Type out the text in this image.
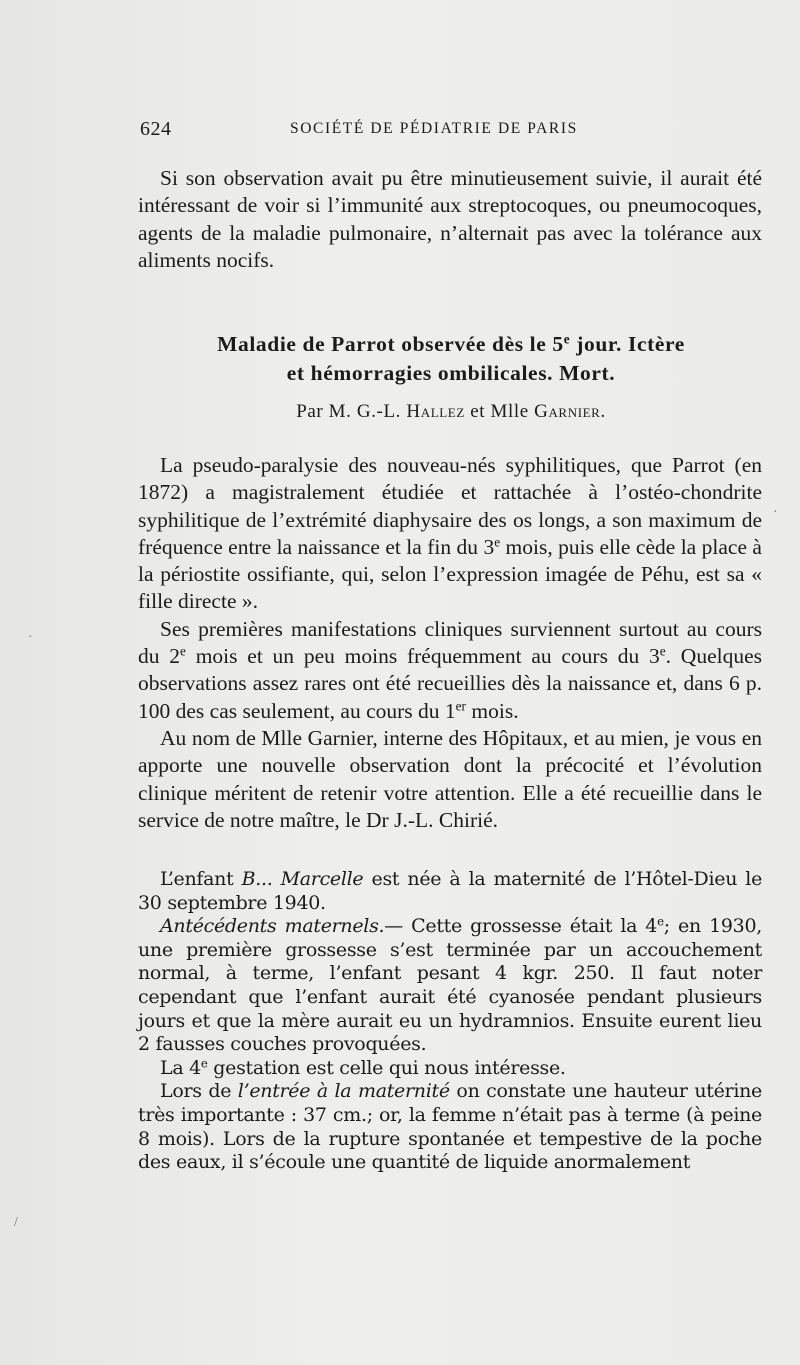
624	SOCIÉTÉ DE PÉDIATRIE DE PARIS

Si son observation avait pu être minutieusement suivie, il aurait été intéressant de voir si l’immunité aux streptocoques, ou pneumocoques, agents de la maladie pulmonaire, n’alternait pas avec la tolérance aux aliments nocifs.

Maladie de Parrot observée dès le 5e jour. Ictère
et hémorragies ombilicales. Mort.
Par M. G.-L. Hallez et Mlle Garnier.

La pseudo-paralysie des nouveau-nés syphilitiques, que Parrot (en 1872) a magistralement étudiée et rattachée à l’ostéo-chondrite syphilitique de l’extrémité diaphysaire des os longs, a son maximum de fréquence entre la naissance et la fin du 3e mois, puis elle cède la place à la périostite ossifiante, qui, selon l’expression imagée de Péhu, est sa « fille directe ».

Ses premières manifestations cliniques surviennent surtout au cours du 2e mois et un peu moins fréquemment au cours du 3e. Quelques observations assez rares ont été recueillies dès la naissance et, dans 6 p. 100 des cas seulement, au cours du 1er mois.

Au nom de Mlle Garnier, interne des Hôpitaux, et au mien, je vous en apporte une nouvelle observation dont la précocité et l’évolution clinique méritent de retenir votre attention. Elle a été recueillie dans le service de notre maître, le Dr J.-L. Chirié.

L’enfant B... Marcelle est née à la maternité de l’Hôtel-Dieu le 30 septembre 1940.

Antécédents maternels.— Cette grossesse était la 4e; en 1930, une première grossesse s’est terminée par un accouchement normal, à terme, l’enfant pesant 4 kgr. 250. Il faut noter cependant que l’enfant aurait été cyanosée pendant plusieurs jours et que la mère aurait eu un hydramnios. Ensuite eurent lieu 2 fausses couches provoquées.

La 4e gestation est celle qui nous intéresse.

Lors de l’entrée à la maternité on constate une hauteur utérine très importante : 37 cm.; or, la femme n’était pas à terme (à peine 8 mois). Lors de la rupture spontanée et tempestive de la poche des eaux, il s’écoule une quantité de liquide anormalement

·
·
/
